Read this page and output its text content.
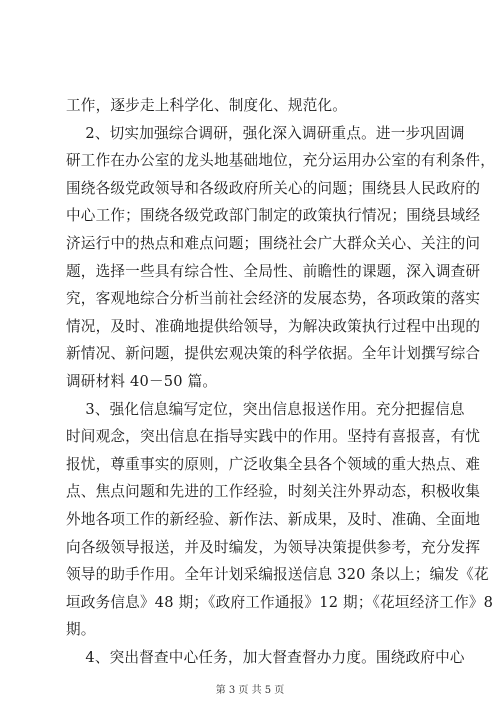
工作，逐步走上科学化、制度化、规范化。
2、切实加强综合调研，强化深入调研重点。进一步巩固调
研工作在办公室的龙头地基础地位，充分运用办公室的有利条件，
围绕各级党政领导和各级政府所关心的问题；围绕县人民政府的
中心工作；围绕各级党政部门制定的政策执行情况；围绕县域经
济运行中的热点和难点问题；围绕社会广大群众关心、关注的问
题，选择一些具有综合性、全局性、前瞻性的课题，深入调查研
究，客观地综合分析当前社会经济的发展态势，各项政策的落实
情况，及时、准确地提供给领导，为解决政策执行过程中出现的
新情况、新问题，提供宏观决策的科学依据。全年计划撰写综合
调研材料 40－50 篇。
3、强化信息编写定位，突出信息报送作用。充分把握信息
时间观念，突出信息在指导实践中的作用。坚持有喜报喜，有忧
报忧，尊重事实的原则，广泛收集全县各个领域的重大热点、难
点、焦点问题和先进的工作经验，时刻关注外界动态，积极收集
外地各项工作的新经验、新作法、新成果，及时、准确、全面地
向各级领导报送，并及时编发，为领导决策提供参考，充分发挥
领导的助手作用。全年计划采编报送信息 320 条以上；编发《花
垣政务信息》48 期；《政府工作通报》12 期；《花垣经济工作》8
期。
4、突出督查中心任务，加大督查督办力度。围绕政府中心
第 3 页 共 5 页
